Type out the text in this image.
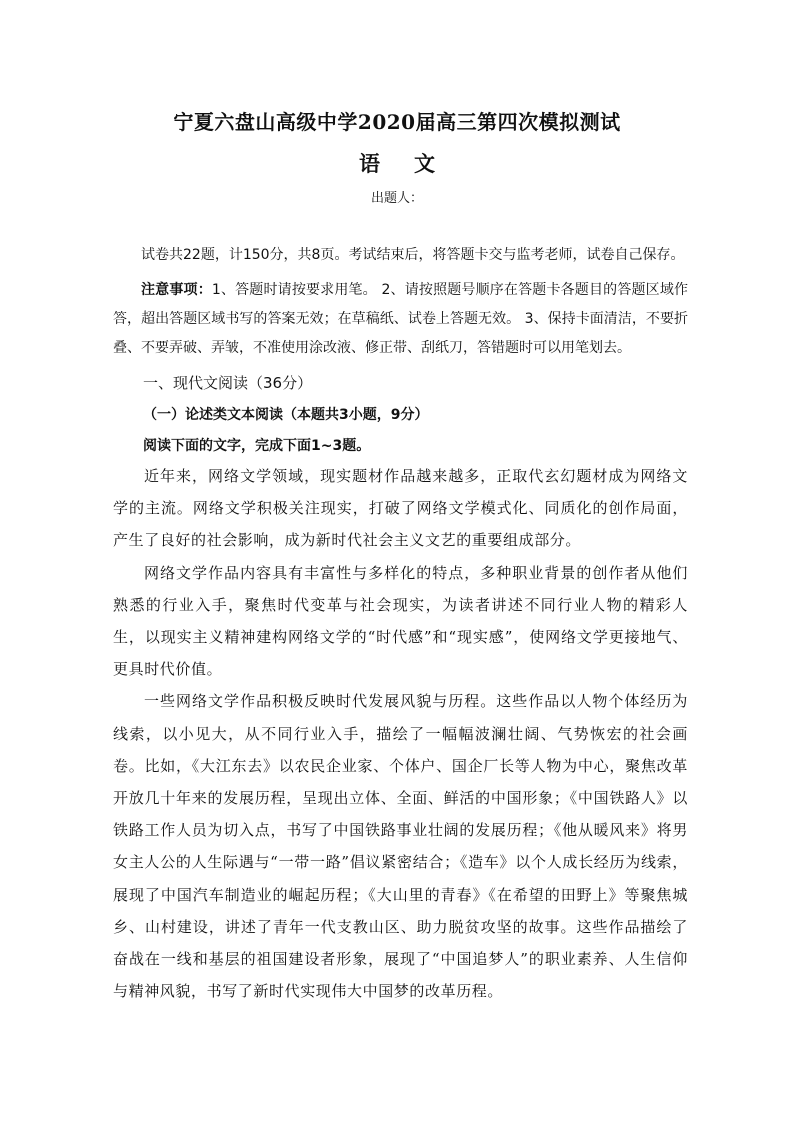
宁夏六盘山高级中学2020届高三第四次模拟测试
语文
出题人：
试卷共22题，计150分，共8页。考试结束后，将答题卡交与监考老师，试卷自己保存。
注意事项：1、答题时请按要求用笔。 2、请按照题号顺序在答题卡各题目的答题区域作答，超出答题区域书写的答案无效；在草稿纸、试卷上答题无效。 3、保持卡面清洁，不要折叠、不要弄破、弄皱，不准使用涂改液、修正带、刮纸刀，答错题时可以用笔划去。
一、现代文阅读（36分）
（一）论述类文本阅读（本题共3小题，9分）
阅读下面的文字，完成下面1~3题。

近年来，网络文学领域，现实题材作品越来越多，正取代玄幻题材成为网络文学的主流。网络文学积极关注现实，打破了网络文学模式化、同质化的创作局面，产生了良好的社会影响，成为新时代社会主义文艺的重要组成部分。

网络文学作品内容具有丰富性与多样化的特点，多种职业背景的创作者从他们熟悉的行业入手，聚焦时代变革与社会现实，为读者讲述不同行业人物的精彩人生，以现实主义精神建构网络文学的“时代感”和“现实感”，使网络文学更接地气、更具时代价值。

一些网络文学作品积极反映时代发展风貌与历程。这些作品以人物个体经历为线索，以小见大，从不同行业入手，描绘了一幅幅波澜壮阔、气势恢宏的社会画卷。比如，《大江东去》以农民企业家、个体户、国企厂长等人物为中心，聚焦改革开放几十年来的发展历程，呈现出立体、全面、鲜活的中国形象；《中国铁路人》以铁路工作人员为切入点，书写了中国铁路事业壮阔的发展历程；《他从暖风来》将男女主人公的人生际遇与“一带一路”倡议紧密结合；《造车》以个人成长经历为线索，展现了中国汽车制造业的崛起历程；《大山里的青春》《在希望的田野上》等聚焦城乡、山村建设，讲述了青年一代支教山区、助力脱贫攻坚的故事。这些作品描绘了奋战在一线和基层的祖国建设者形象，展现了“中国追梦人”的职业素养、人生信仰与精神风貌，书写了新时代实现伟大中国梦的改革历程。
